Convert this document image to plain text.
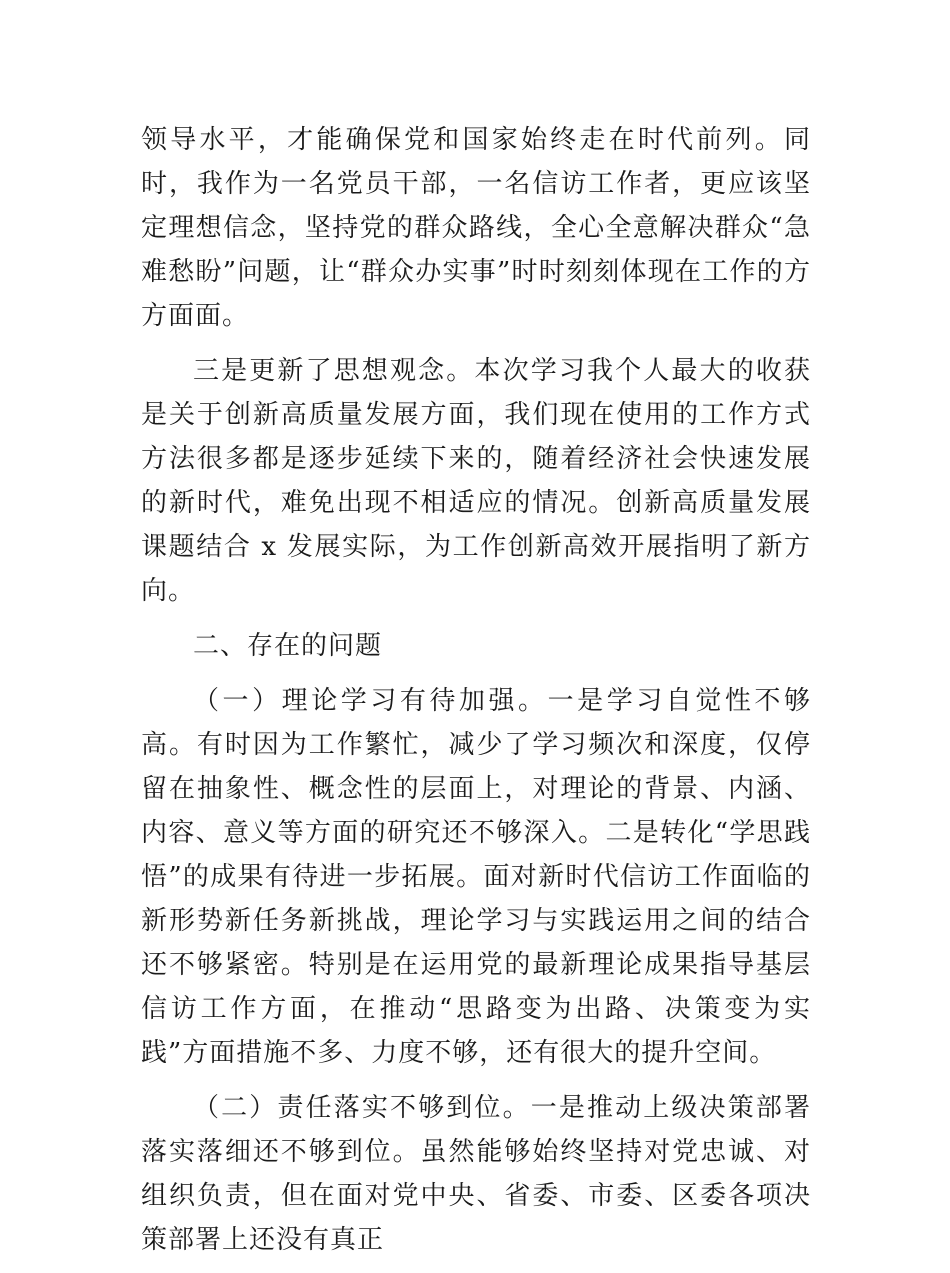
领导水平，才能确保党和国家始终走在时代前列。同时，我作为一名党员干部，一名信访工作者，更应该坚定理想信念，坚持党的群众路线，全心全意解决群众“急难愁盼”问题，让“群众办实事”时时刻刻体现在工作的方方面面。

三是更新了思想观念。本次学习我个人最大的收获是关于创新高质量发展方面，我们现在使用的工作方式方法很多都是逐步延续下来的，随着经济社会快速发展的新时代，难免出现不相适应的情况。创新高质量发展课题结合 x 发展实际，为工作创新高效开展指明了新方向。

二、存在的问题

（一）理论学习有待加强。一是学习自觉性不够高。有时因为工作繁忙，减少了学习频次和深度，仅停留在抽象性、概念性的层面上，对理论的背景、内涵、内容、意义等方面的研究还不够深入。二是转化“学思践悟”的成果有待进一步拓展。面对新时代信访工作面临的新形势新任务新挑战，理论学习与实践运用之间的结合还不够紧密。特别是在运用党的最新理论成果指导基层信访工作方面，在推动“思路变为出路、决策变为实践”方面措施不多、力度不够，还有很大的提升空间。

（二）责任落实不够到位。一是推动上级决策部署落实落细还不够到位。虽然能够始终坚持对党忠诚、对组织负责，但在面对党中央、省委、市委、区委各项决策部署上还没有真正
